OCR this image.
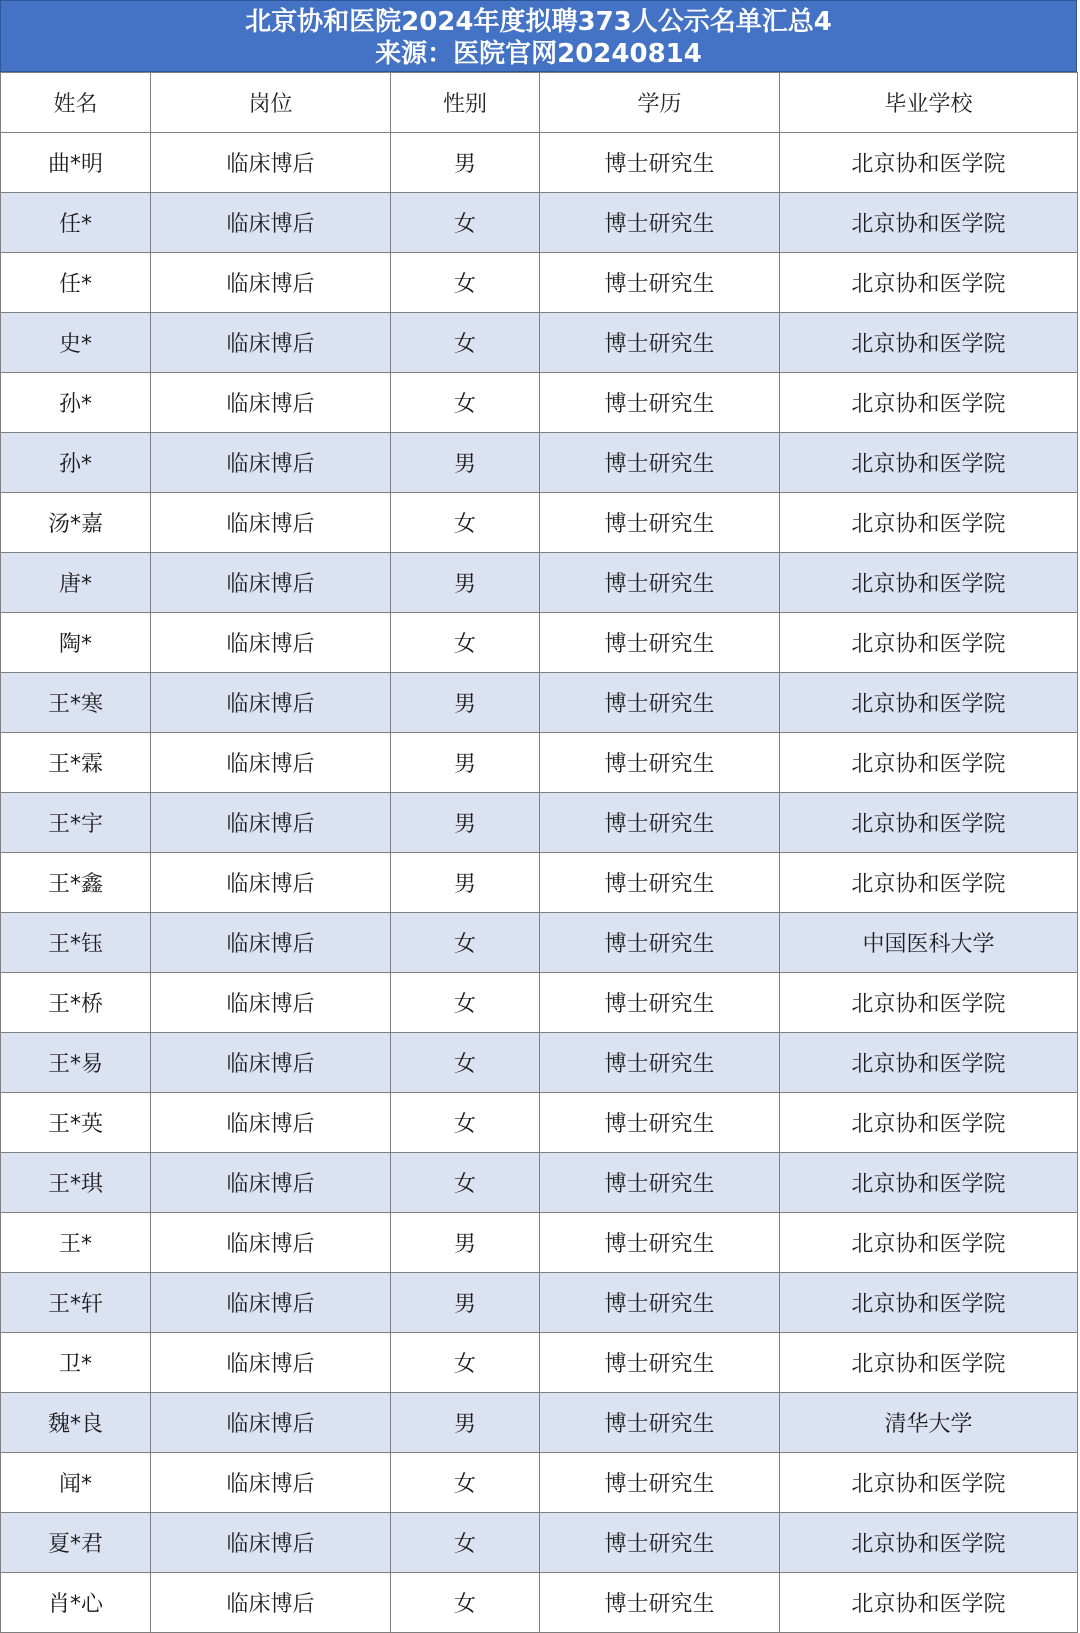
北京协和医院2024年度拟聘373人公示名单汇总4
来源：医院官网20240814
姓名	岗位	性别	学历	毕业学校
曲*明	临床博后	男	博士研究生	北京协和医学院
任*	临床博后	女	博士研究生	北京协和医学院
任*	临床博后	女	博士研究生	北京协和医学院
史*	临床博后	女	博士研究生	北京协和医学院
孙*	临床博后	女	博士研究生	北京协和医学院
孙*	临床博后	男	博士研究生	北京协和医学院
汤*嘉	临床博后	女	博士研究生	北京协和医学院
唐*	临床博后	男	博士研究生	北京协和医学院
陶*	临床博后	女	博士研究生	北京协和医学院
王*寒	临床博后	男	博士研究生	北京协和医学院
王*霖	临床博后	男	博士研究生	北京协和医学院
王*宇	临床博后	男	博士研究生	北京协和医学院
王*鑫	临床博后	男	博士研究生	北京协和医学院
王*钰	临床博后	女	博士研究生	中国医科大学
王*桥	临床博后	女	博士研究生	北京协和医学院
王*易	临床博后	女	博士研究生	北京协和医学院
王*英	临床博后	女	博士研究生	北京协和医学院
王*琪	临床博后	女	博士研究生	北京协和医学院
王*	临床博后	男	博士研究生	北京协和医学院
王*轩	临床博后	男	博士研究生	北京协和医学院
卫*	临床博后	女	博士研究生	北京协和医学院
魏*良	临床博后	男	博士研究生	清华大学
闻*	临床博后	女	博士研究生	北京协和医学院
夏*君	临床博后	女	博士研究生	北京协和医学院
肖*心	临床博后	女	博士研究生	北京协和医学院
